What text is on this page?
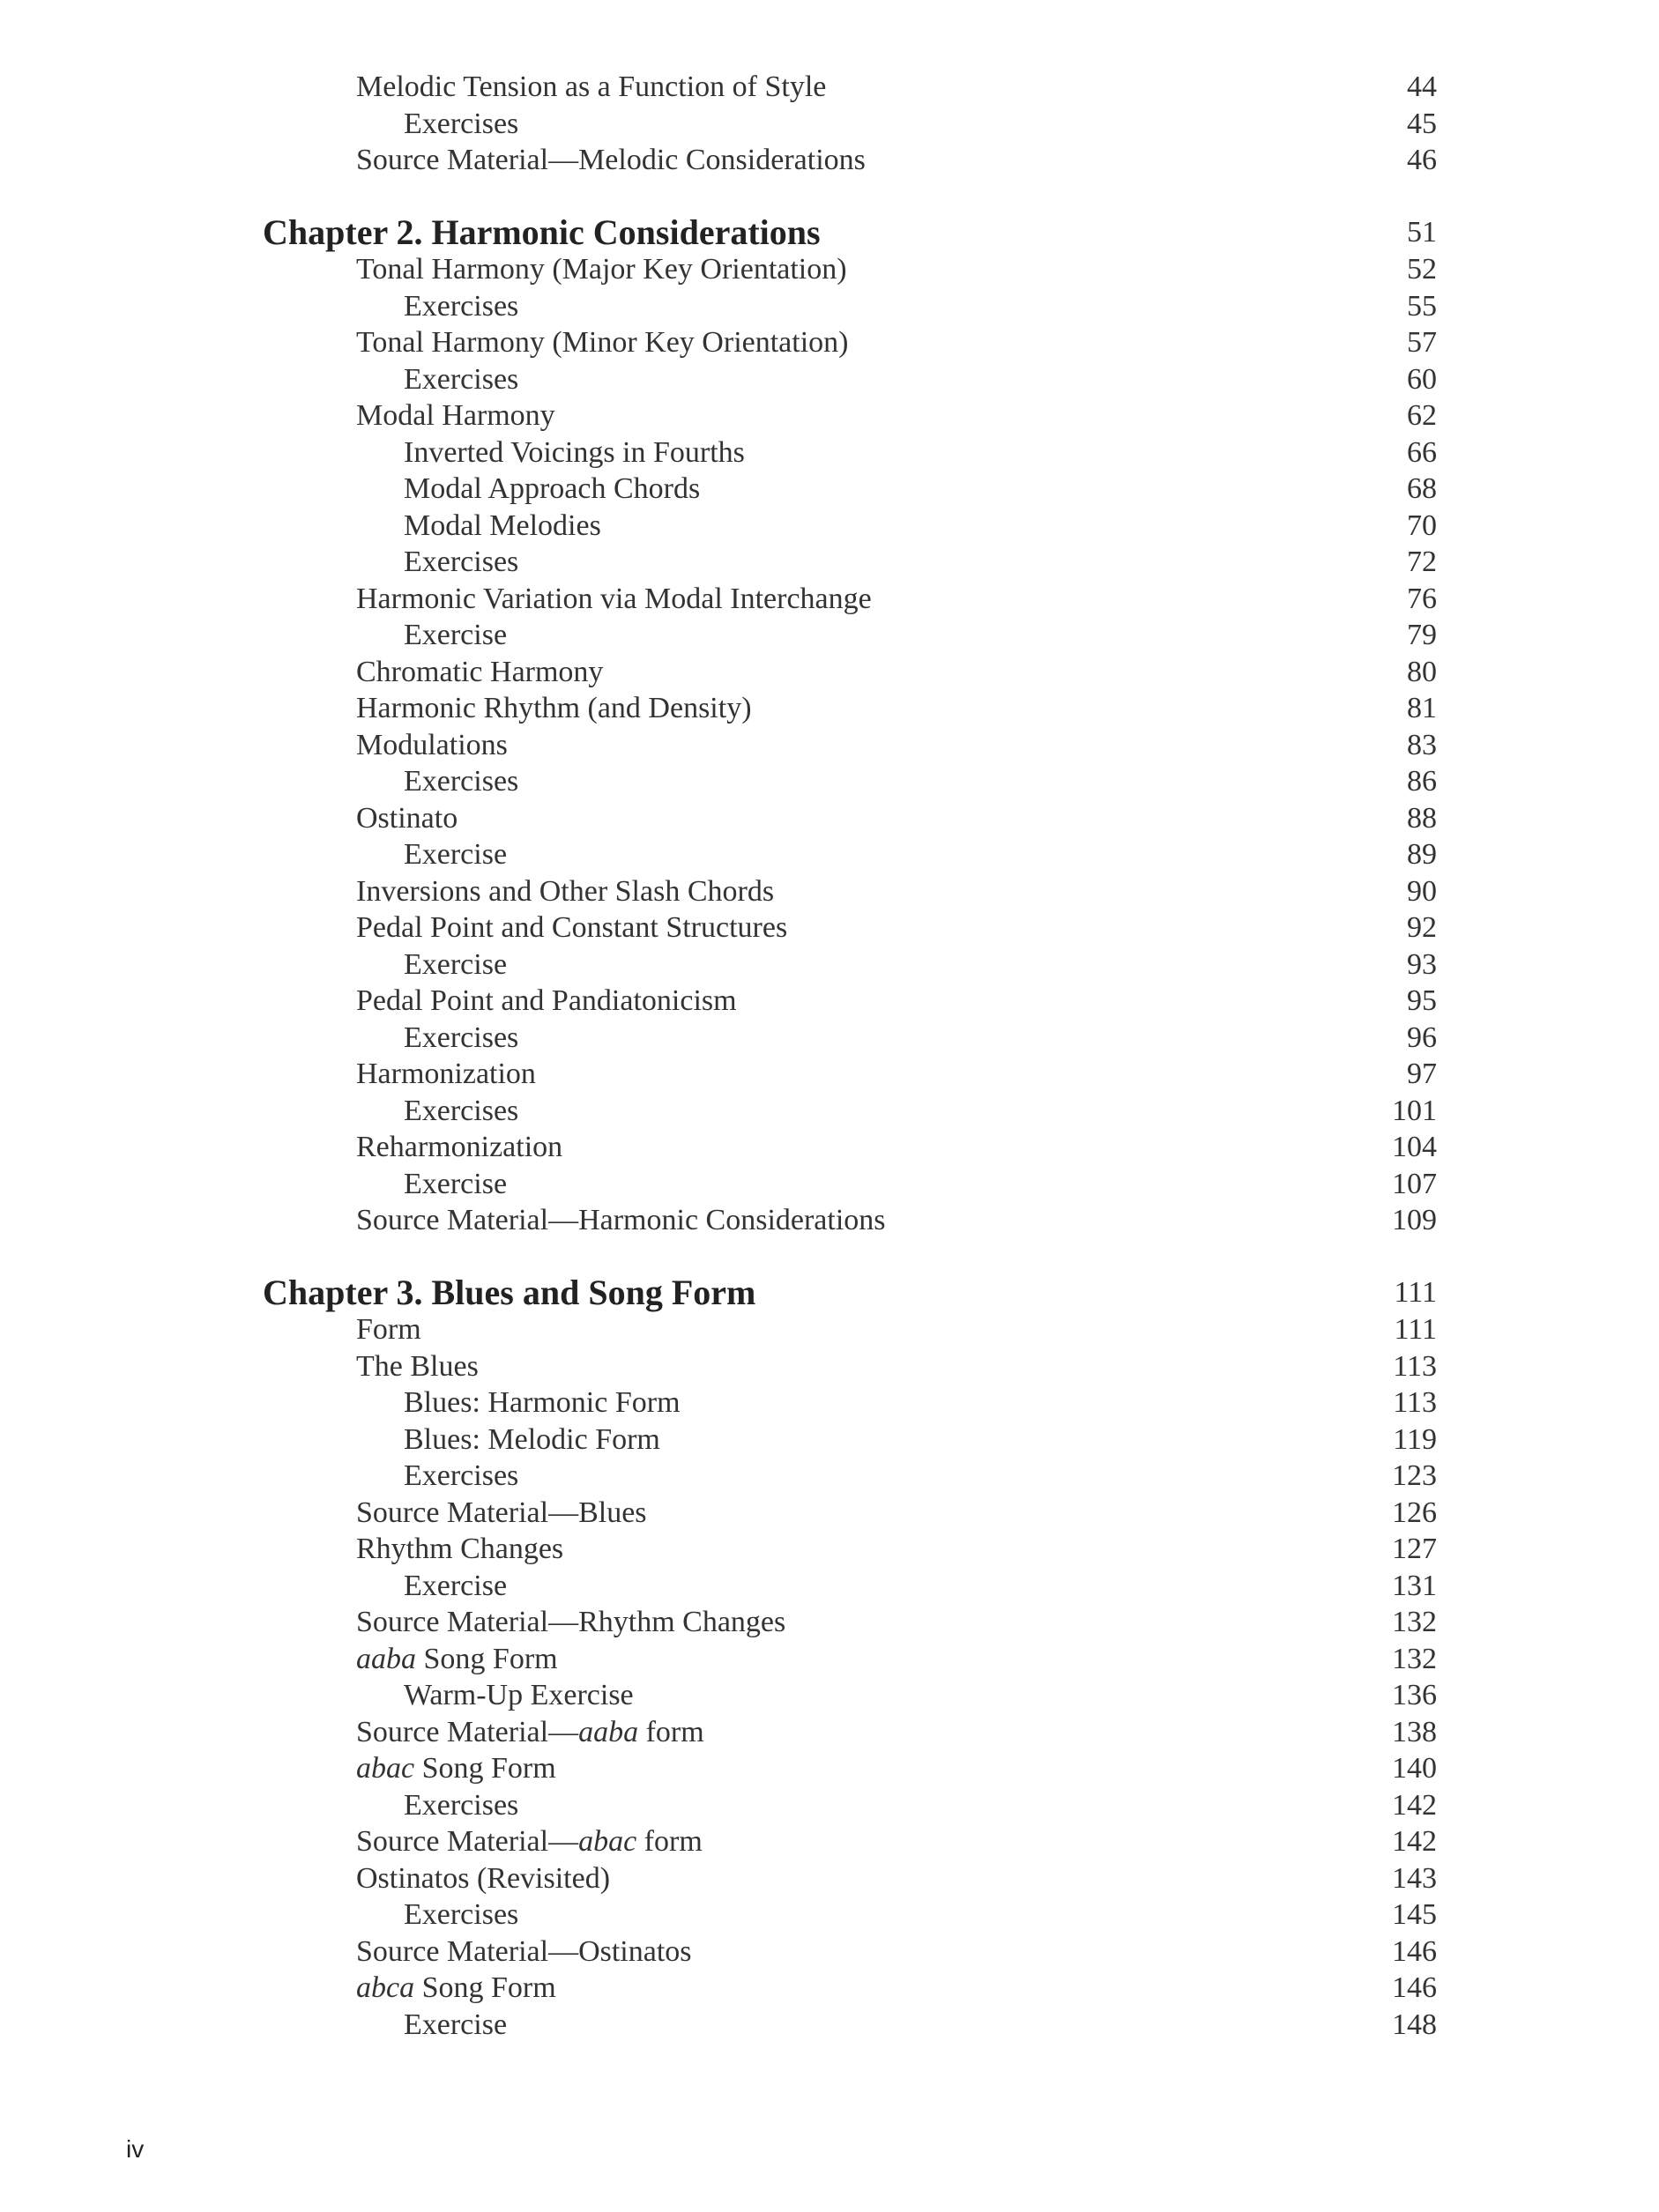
Melodic Tension as a Function of Style	44
Exercises	45
Source Material—Melodic Considerations	46
Chapter 2. Harmonic Considerations	51
Tonal Harmony (Major Key Orientation)	52
Exercises	55
Tonal Harmony (Minor Key Orientation)	57
Exercises	60
Modal Harmony	62
Inverted Voicings in Fourths	66
Modal Approach Chords	68
Modal Melodies	70
Exercises	72
Harmonic Variation via Modal Interchange	76
Exercise	79
Chromatic Harmony	80
Harmonic Rhythm (and Density)	81
Modulations	83
Exercises	86
Ostinato	88
Exercise	89
Inversions and Other Slash Chords	90
Pedal Point and Constant Structures	92
Exercise	93
Pedal Point and Pandiatonicism	95
Exercises	96
Harmonization	97
Exercises	101
Reharmonization	104
Exercise	107
Source Material—Harmonic Considerations	109
Chapter 3. Blues and Song Form	111
Form	111
The Blues	113
Blues: Harmonic Form	113
Blues: Melodic Form	119
Exercises	123
Source Material—Blues	126
Rhythm Changes	127
Exercise	131
Source Material—Rhythm Changes	132
aaba Song Form	132
Warm-Up Exercise	136
Source Material—aaba form	138
abac Song Form	140
Exercises	142
Source Material—abac form	142
Ostinatos (Revisited)	143
Exercises	145
Source Material—Ostinatos	146
abca Song Form	146
Exercise	148
iv
